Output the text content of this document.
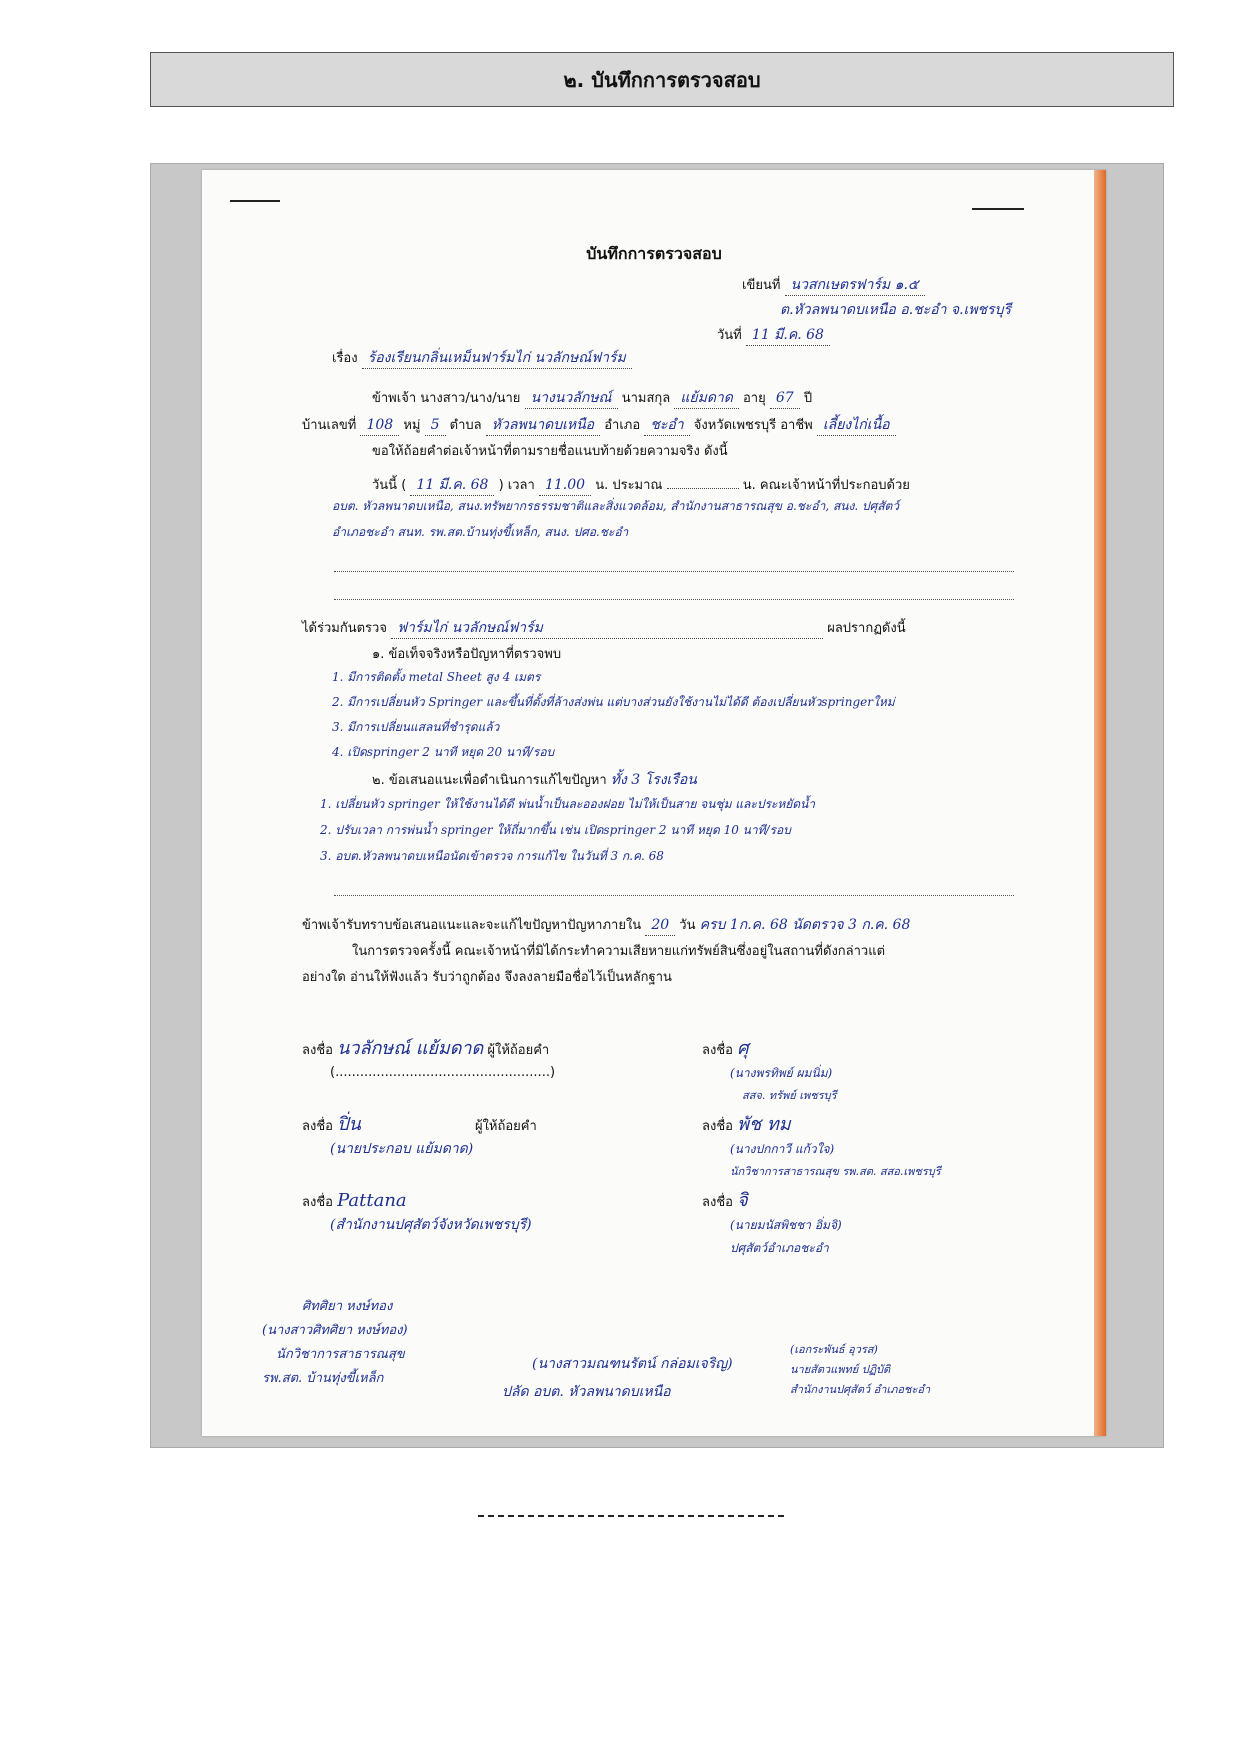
๒. บันทึกการตรวจสอบ
บันทึกการตรวจสอบ
เขียนที่ นวสกเษตรฟาร์ม ๑.๕
ต.หัวลพนาดบเหนือ อ.ชะอำ จ.เพชรบุรี
วันที่ 11 มี.ค. 68
เรื่อง ร้องเรียนกลิ่นเหม็นฟาร์มไก่ นวลักษณ์ฟาร์ม
ข้าพเจ้า นางสาว/นาง/นาย นางนวลักษณ์ นามสกุล แย้มดาด อายุ 67 ปี
บ้านเลขที่ 108 หมู่ 5 ตำบล หัวลพนาดบเหนือ อำเภอ ชะอำ จังหวัดเพชรบุรี อาชีพ เลี้ยงไก่เนื้อ
ขอให้ถ้อยคำต่อเจ้าหน้าที่ตามรายชื่อแนบท้ายด้วยความจริง ดังนี้
วันนี้ ( 11 มี.ค. 68 ) เวลา 11.00 น. ประมาณ	น. คณะเจ้าหน้าที่ประกอบด้วย
อบต. หัวลพนาดบเหนือ, สนง.ทรัพยากรธรรมชาติและสิ่งแวดล้อม, สำนักงานสาธารณสุข อ.ชะอำ, สนง. ปศุสัตว์
อำเภอชะอำ สนท. รพ.สต.บ้านทุ่งขี้เหล็ก, สนง. ปศอ.ชะอำ
ได้ร่วมกันตรวจ ฟาร์มไก่ นวลักษณ์ฟาร์ม	ผลปรากฏดังนี้
๑. ข้อเท็จจริงหรือปัญหาที่ตรวจพบ
1. มีการติดตั้ง metal Sheet สูง 4 เมตร
2. มีการเปลี่ยนหัว Springer และขึ้นที่ตั้งที่ล้างส่งพ่น แต่บางส่วนยังใช้งานไม่ได้ดี ต้องเปลี่ยนหัวspringerใหม่
3. มีการเปลี่ยนแสลนที่ชำรุดแล้ว
4. เปิดspringer 2 นาที หยุด 20 นาที/รอบ
๒. ข้อเสนอแนะเพื่อดำเนินการแก้ไขปัญหา ทั้ง 3 โรงเรือน
1. เปลี่ยนหัว springer ให้ใช้งานได้ดี พ่นน้ำเป็นละอองฝอย ไม่ให้เป็นสาย จนชุ่ม และประหยัดน้ำ
2. ปรับเวลา การพ่นน้ำ springer ให้ถี่มากขึ้น เช่น เปิดspringer 2 นาที หยุด 10 นาที/รอบ
3. อบต.หัวลพนาดบเหนือนัดเข้าตรวจ การแก้ไข ในวันที่ 3 ก.ค. 68
ข้าพเจ้ารับทราบข้อเสนอแนะและจะแก้ไขปัญหาปัญหาภายใน 20 วัน ครบ 1ก.ค. 68 นัดตรวจ 3 ก.ค. 68
ในการตรวจครั้งนี้ คณะเจ้าหน้าที่มิได้กระทำความเสียหายแก่ทรัพย์สินซึ่งอยู่ในสถานที่ดังกล่าวแต่
อย่างใด อ่านให้ฟังแล้ว รับว่าถูกต้อง จึงลงลายมือชื่อไว้เป็นหลักฐาน
ลงชื่อ นวลักษณ์ แย้มดาด ผู้ให้ถ้อยคำ
(....................................................)
ลงชื่อ ปิ่น	ผู้ให้ถ้อยคำ
(นายประกอบ แย้มดาด)
ลงชื่อ Pattana
(สำนักงานปศุสัตว์จังหวัดเพชรบุรี)
ลงชื่อ ศุ
(นางพรทิพย์ ผมนิ่ม)
สสจ. ทรัพย์ เพชรบุรี
ลงชื่อ พัช ทม
(นางปกกาวี แก้วใจ)
นักวิชาการสาธารณสุข รพ.สต. สสอ.เพชรบุรี
ลงชื่อ จิ
(นายมนัสพิชชา อิ่มจิ)
ปศุสัตว์อำเภอชะอำ
ศิทศิยา หงษ์ทอง
(นางสาวศิทศิยา หงษ์ทอง)
นักวิชาการสาธารณสุข
รพ.สต. บ้านทุ่งขี้เหล็ก
(นางสาวมณฑนรัตน์ กล่อมเจริญ)
ปลัด อบต. หัวลพนาดบเหนือ
(เอกระพันธ์ อุวรส)
นายสัตวแพทย์ ปฏิบัติ
สำนักงานปศุสัตว์ อำเภอชะอำ
